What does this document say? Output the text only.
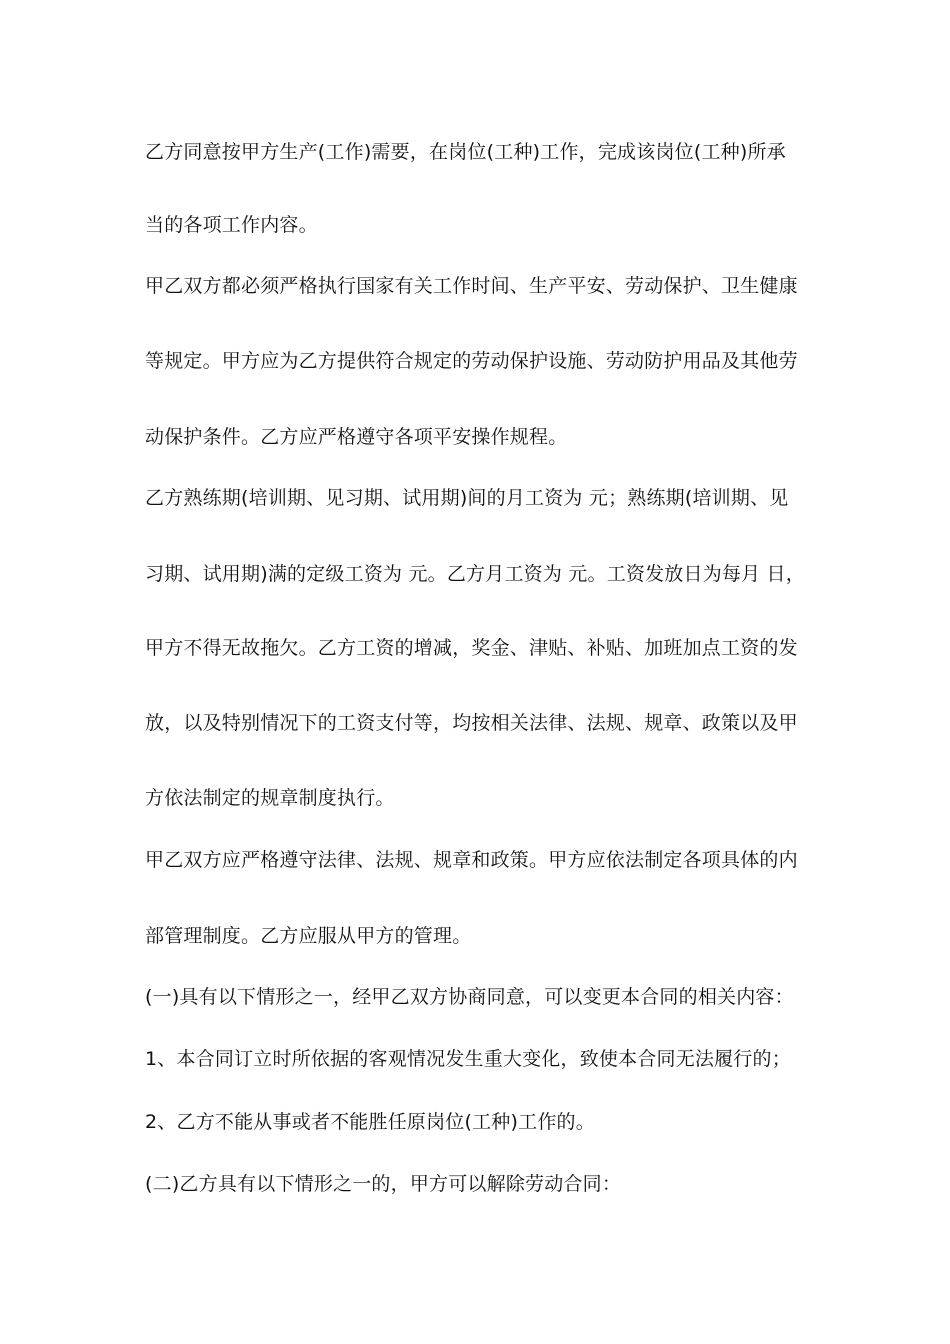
乙方同意按甲方生产(工作)需要，在岗位(工种)工作，完成该岗位(工种)所承
当的各项工作内容。
甲乙双方都必须严格执行国家有关工作时间、生产平安、劳动保护、卫生健康
等规定。甲方应为乙方提供符合规定的劳动保护设施、劳动防护用品及其他劳
动保护条件。乙方应严格遵守各项平安操作规程。
乙方熟练期(培训期、见习期、试用期)间的月工资为 元；熟练期(培训期、见
习期、试用期)满的定级工资为 元。乙方月工资为 元。工资发放日为每月 日，
甲方不得无故拖欠。乙方工资的增减，奖金、津贴、补贴、加班加点工资的发
放，以及特别情况下的工资支付等，均按相关法律、法规、规章、政策以及甲
方依法制定的规章制度执行。
甲乙双方应严格遵守法律、法规、规章和政策。甲方应依法制定各项具体的内
部管理制度。乙方应服从甲方的管理。
(一)具有以下情形之一，经甲乙双方协商同意，可以变更本合同的相关内容：
1、本合同订立时所依据的客观情况发生重大变化，致使本合同无法履行的；
2、乙方不能从事或者不能胜任原岗位(工种)工作的。
(二)乙方具有以下情形之一的，甲方可以解除劳动合同：
